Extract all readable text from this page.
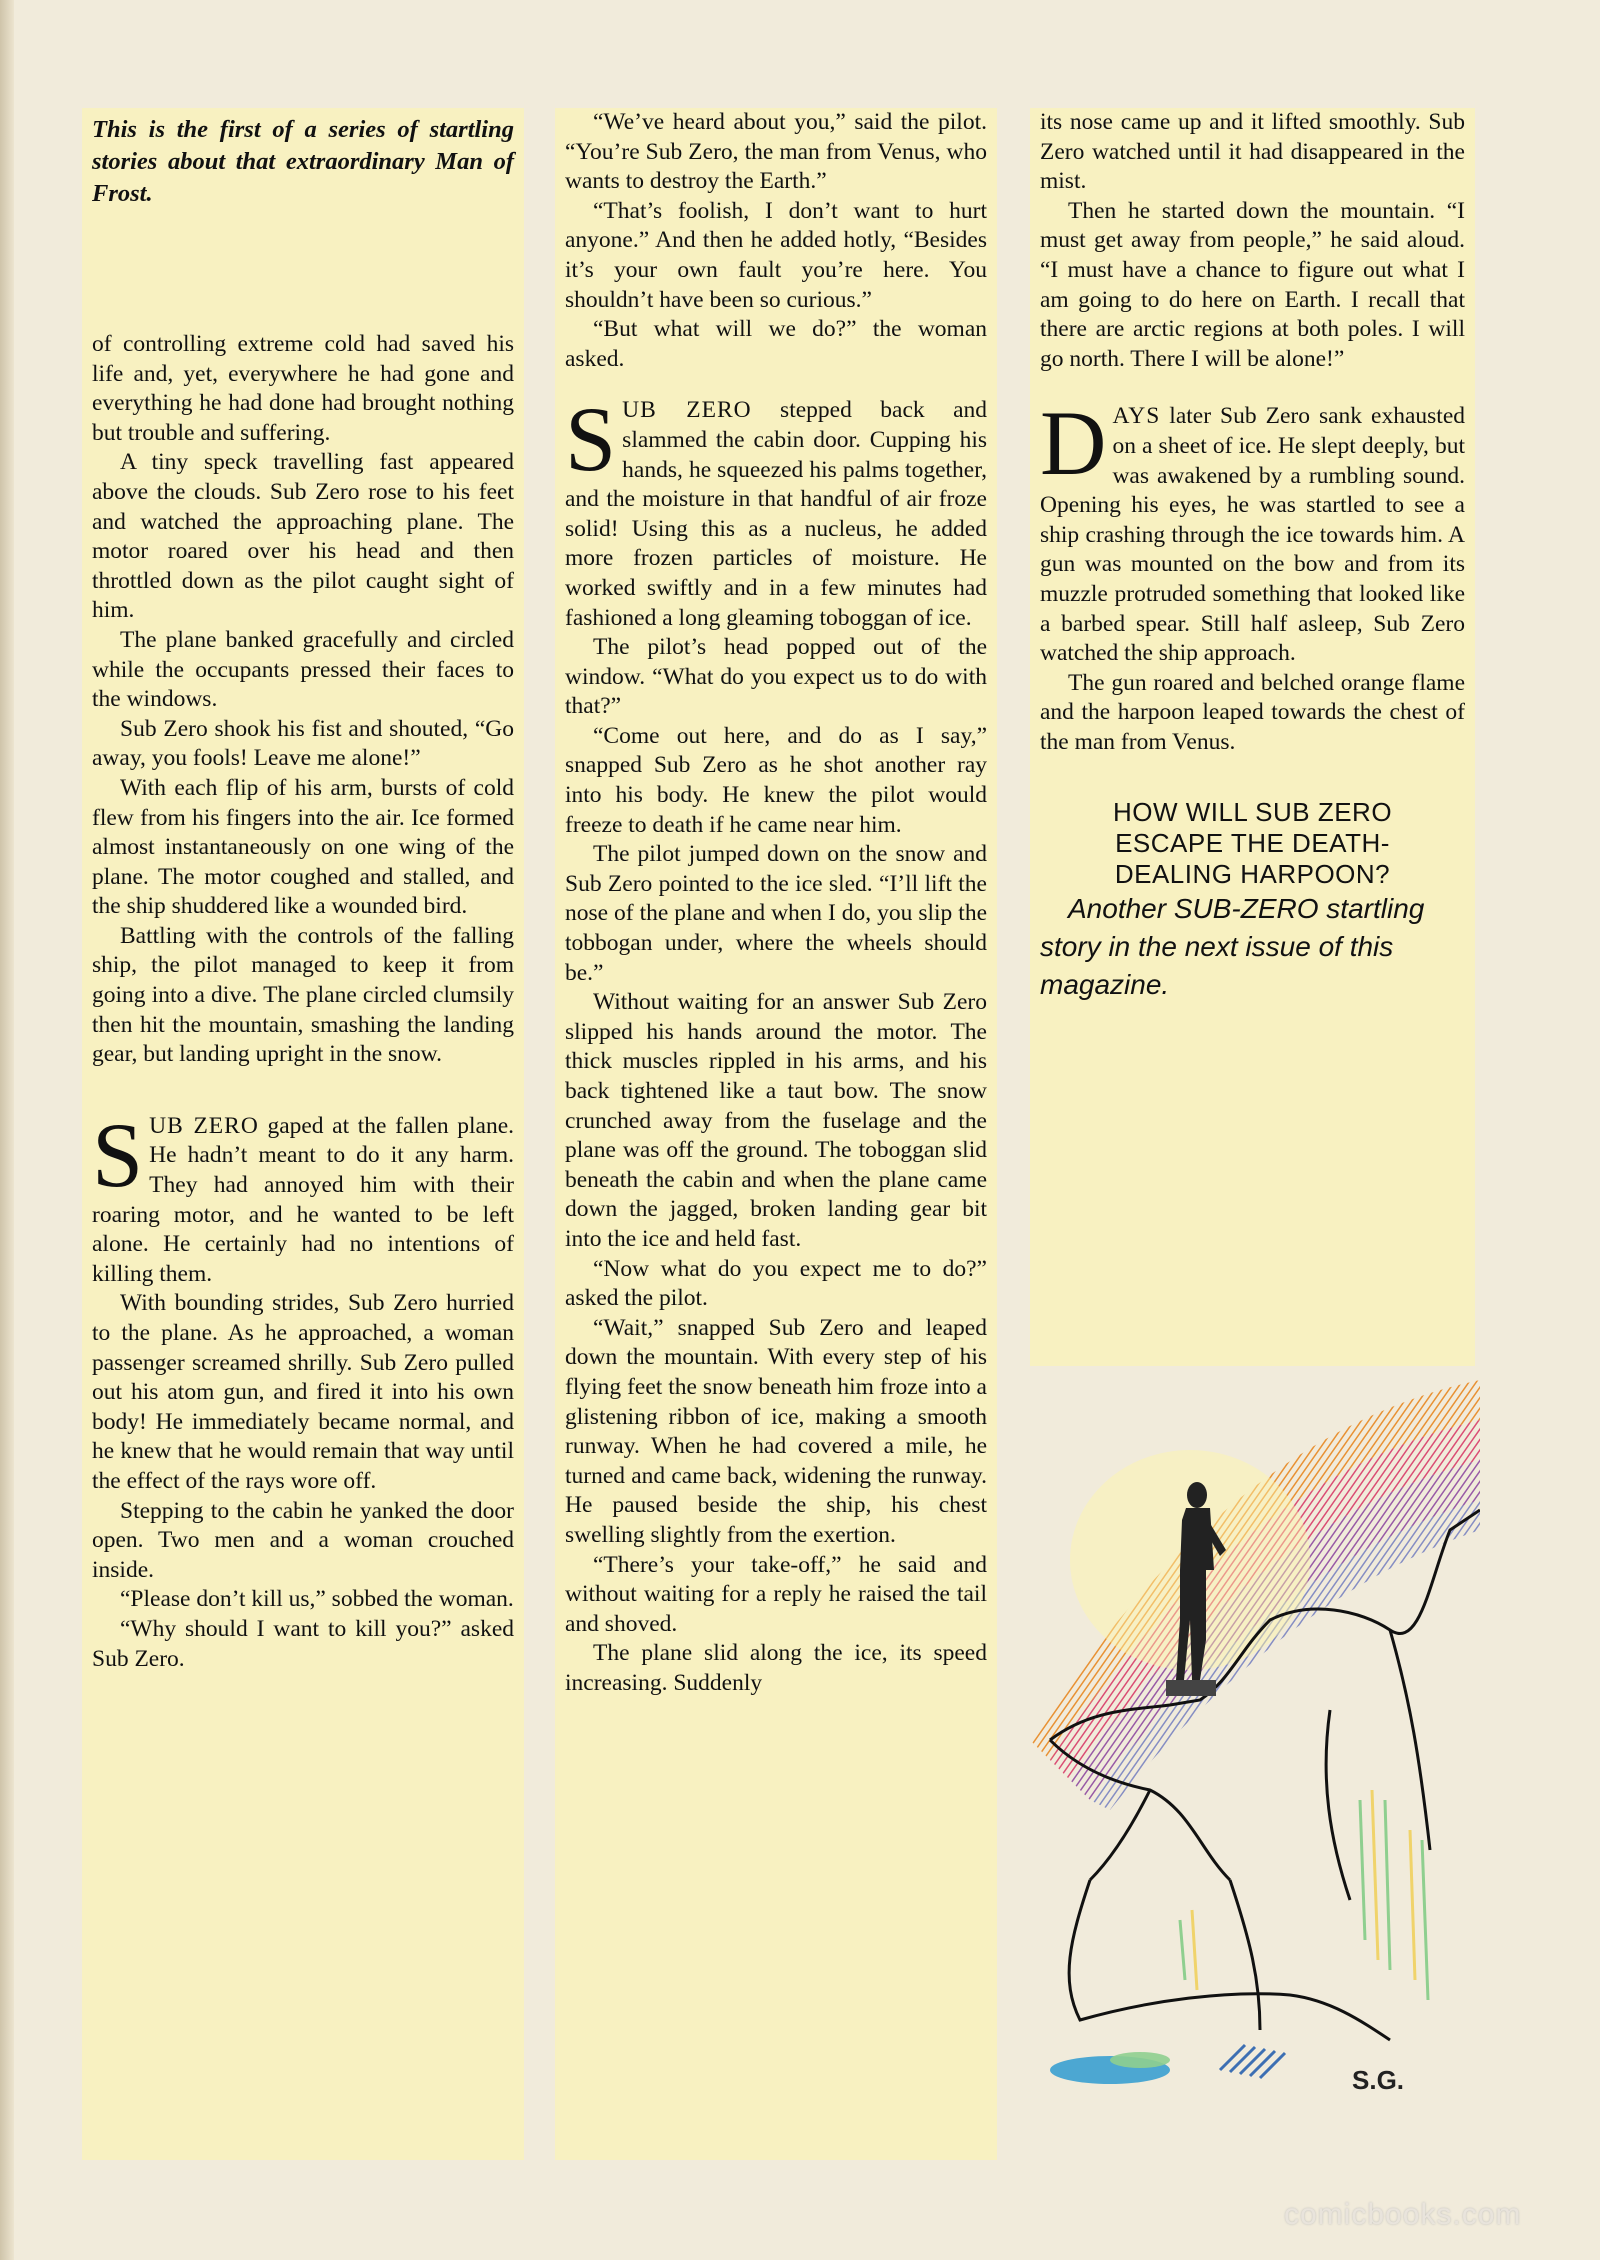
This is the first of a series of startling stories about that extraordinary Man of Frost.

of controlling extreme cold had saved his life and, yet, everywhere he had gone and everything he had done had brought nothing but trouble and suffering.

A tiny speck travelling fast appeared above the clouds. Sub Zero rose to his feet and watched the approaching plane. The motor roared over his head and then throttled down as the pilot caught sight of him.

The plane banked gracefully and circled while the occupants pressed their faces to the windows.

Sub Zero shook his fist and shouted, “Go away, you fools! Leave me alone!”

With each flip of his arm, bursts of cold flew from his fingers into the air. Ice formed almost instantaneously on one wing of the plane. The motor coughed and stalled, and the ship shuddered like a wounded bird.

Battling with the controls of the falling ship, the pilot managed to keep it from going into a dive. The plane circled clumsily then hit the mountain, smashing the landing gear, but landing upright in the snow.

SUB ZERO gaped at the fallen plane. He hadn’t meant to do it any harm. They had annoyed him with their roaring motor, and he wanted to be left alone. He certainly had no intentions of killing them.

With bounding strides, Sub Zero hurried to the plane. As he approached, a woman passenger screamed shrilly. Sub Zero pulled out his atom gun, and fired it into his own body! He immediately became normal, and he knew that he would remain that way until the effect of the rays wore off.

Stepping to the cabin he yanked the door open. Two men and a woman crouched inside.

“Please don’t kill us,” sobbed the woman.

“Why should I want to kill you?” asked Sub Zero.

“We’ve heard about you,” said the pilot. “You’re Sub Zero, the man from Venus, who wants to destroy the Earth.”

“That’s foolish, I don’t want to hurt anyone.” And then he added hotly, “Besides it’s your own fault you’re here. You shouldn’t have been so curious.”

“But what will we do?” the woman asked.

SUB ZERO stepped back and slammed the cabin door. Cupping his hands, he squeezed his palms together, and the moisture in that handful of air froze solid! Using this as a nucleus, he added more frozen particles of moisture. He worked swiftly and in a few minutes had fashioned a long gleaming toboggan of ice.

The pilot’s head popped out of the window. “What do you expect us to do with that?”

“Come out here, and do as I say,” snapped Sub Zero as he shot another ray into his body. He knew the pilot would freeze to death if he came near him.

The pilot jumped down on the snow and Sub Zero pointed to the ice sled. “I’ll lift the nose of the plane and when I do, you slip the tobbogan under, where the wheels should be.”

Without waiting for an answer Sub Zero slipped his hands around the motor. The thick muscles rippled in his arms, and his back tightened like a taut bow. The snow crunched away from the fuselage and the plane was off the ground. The toboggan slid beneath the cabin and when the plane came down the jagged, broken landing gear bit into the ice and held fast.

“Now what do you expect me to do?” asked the pilot.

“Wait,” snapped Sub Zero and leaped down the mountain. With every step of his flying feet the snow beneath him froze into a glistening ribbon of ice, making a smooth runway. When he had covered a mile, he turned and came back, widening the runway. He paused beside the ship, his chest swelling slightly from the exertion.

“There’s your take-off,” he said and without waiting for a reply he raised the tail and shoved.

The plane slid along the ice, its speed increasing. Suddenly

its nose came up and it lifted smoothly. Sub Zero watched until it had disappeared in the mist.

Then he started down the mountain. “I must get away from people,” he said aloud. “I must have a chance to figure out what I am going to do here on Earth. I recall that there are arctic regions at both poles. I will go north. There I will be alone!”

DAYS later Sub Zero sank exhausted on a sheet of ice. He slept deeply, but was awakened by a rumbling sound. Opening his eyes, he was startled to see a ship crashing through the ice towards him. A gun was mounted on the bow and from its muzzle protruded something that looked like a barbed spear. Still half asleep, Sub Zero watched the ship approach.

The gun roared and belched orange flame and the harpoon leaped towards the chest of the man from Venus.

HOW WILL SUB ZERO
ESCAPE THE DEATH-
DEALING HARPOON?

Another SUB-ZERO startling story in the next issue of this magazine.

S.G.
comicbooks.com
